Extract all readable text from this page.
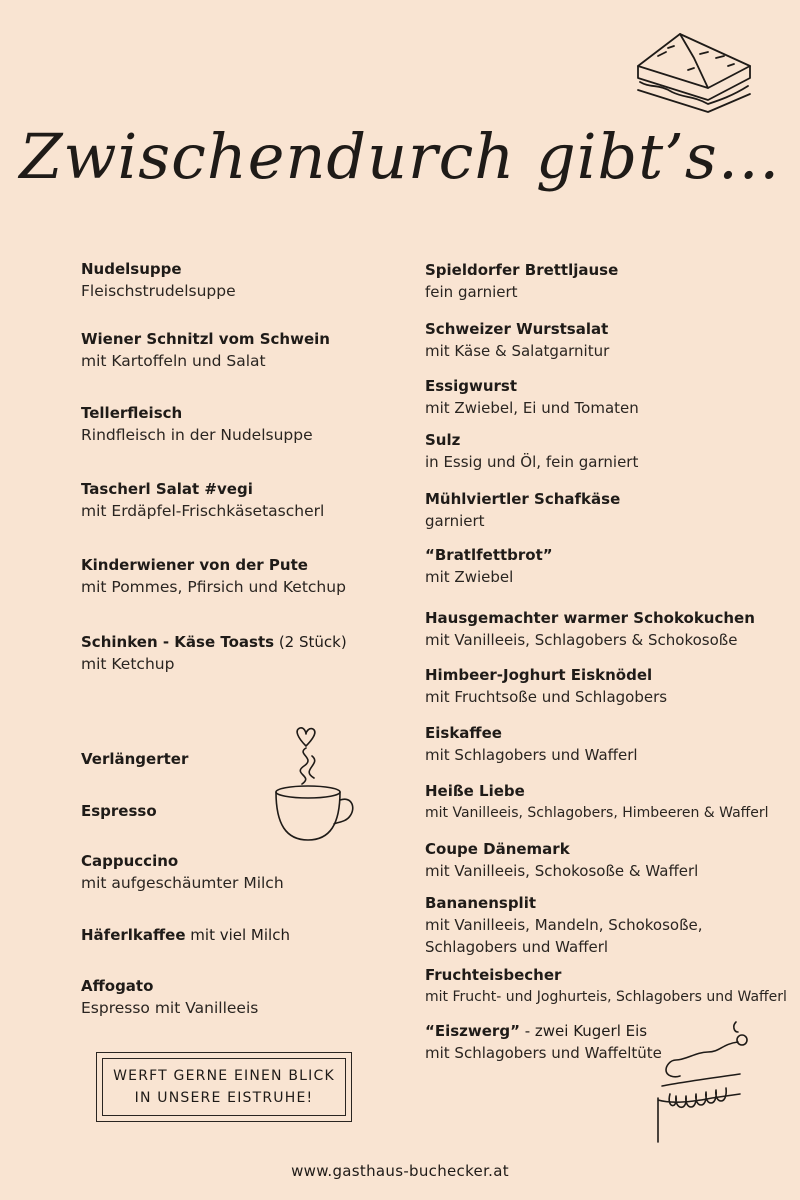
Zwischendurch gibt’s…
Nudelsuppe
Fleischstrudelsuppe
Wiener Schnitzl vom Schwein
mit Kartoffeln und Salat
Tellerfleisch
Rindfleisch in der Nudelsuppe
Tascherl Salat #vegi
mit Erdäpfel-Frischkäsetascherl
Kinderwiener von der Pute
mit Pommes, Pfirsich und Ketchup
Schinken - Käse Toasts (2 Stück)
mit Ketchup
Verlängerter
Espresso
Cappuccino
mit aufgeschäumter Milch
Häferlkaffee mit viel Milch
Affogato
Espresso mit Vanilleeis
Spieldorfer Brettljause
fein garniert
Schweizer Wurstsalat
mit Käse & Salatgarnitur
Essigwurst
mit Zwiebel, Ei und Tomaten
Sulz
in Essig und Öl, fein garniert
Mühlviertler Schafkäse
garniert
“Bratlfettbrot”
mit Zwiebel
Hausgemachter warmer Schokokuchen
mit Vanilleeis, Schlagobers & Schokosoße
Himbeer-Joghurt Eisknödel
mit Fruchtsoße und Schlagobers
Eiskaffee
mit Schlagobers und Wafferl
Heiße Liebe
mit Vanilleeis, Schlagobers, Himbeeren & Wafferl
Coupe Dänemark
mit Vanilleeis, Schokosoße & Wafferl
Bananensplit
mit Vanilleeis, Mandeln, Schokosoße,
Schlagobers und Wafferl
Fruchteisbecher
mit Frucht- und Joghurteis, Schlagobers und Wafferl
“Eiszwerg” - zwei Kugerl Eis
mit Schlagobers und Waffeltüte
WERFT GERNE EINEN BLICK
IN UNSERE EISTRUHE!
www.gasthaus-buchecker.at
